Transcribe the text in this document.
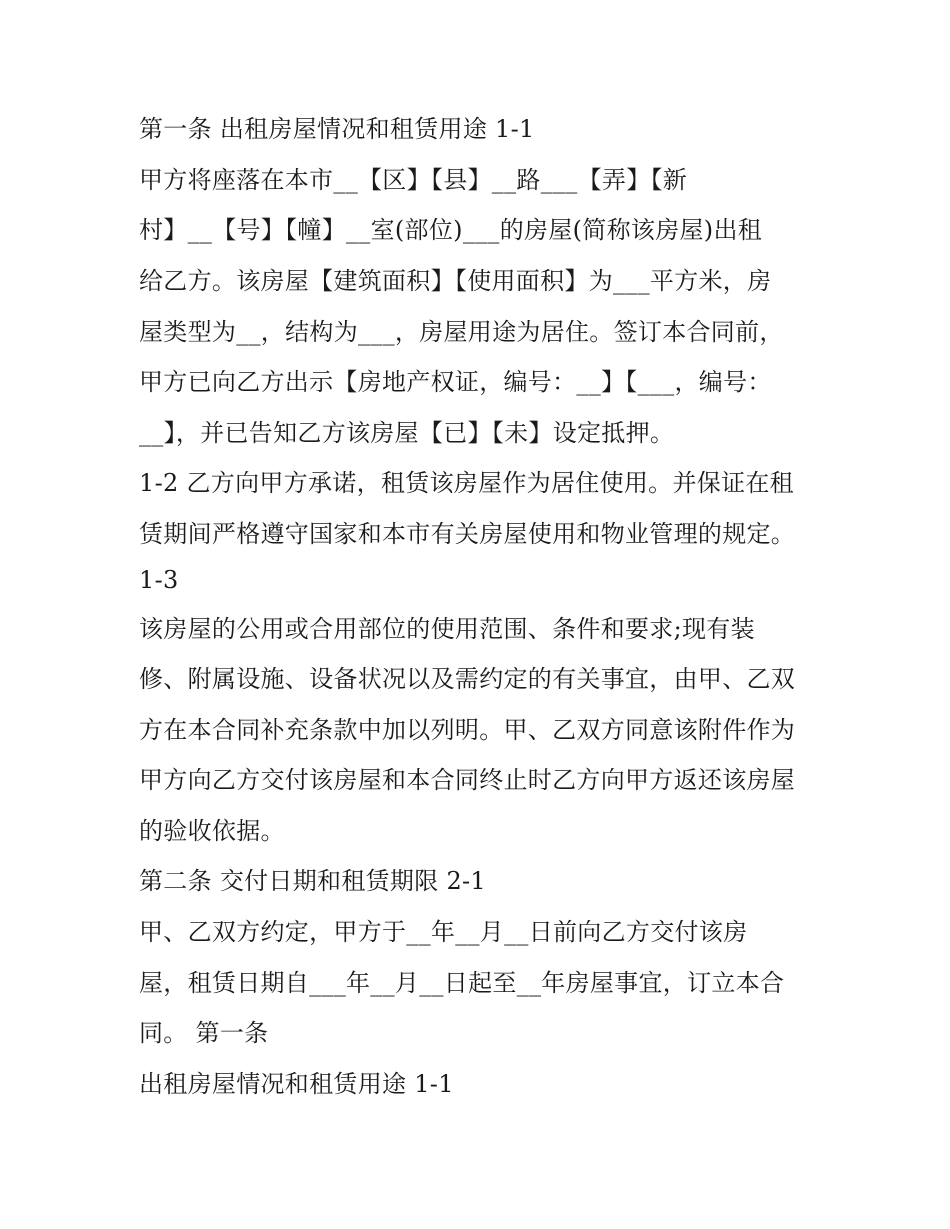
第一条 出租房屋情况和租赁用途 1-1
甲方将座落在本市__【区】【县】__路___【弄】【新
村】__【号】【幢】__室(部位)___的房屋(简称该房屋)出租
给乙方。该房屋【建筑面积】【使用面积】为___平方米，房
屋类型为__，结构为___，房屋用途为居住。签订本合同前，
甲方已向乙方出示【房地产权证，编号：__】【___，编号：
__】，并已告知乙方该房屋【已】【未】设定抵押。
1-2 乙方向甲方承诺，租赁该房屋作为居住使用。并保证在租
赁期间严格遵守国家和本市有关房屋使用和物业管理的规定。
1-3
该房屋的公用或合用部位的使用范围、条件和要求;现有装
修、附属设施、设备状况以及需约定的有关事宜，由甲、乙双
方在本合同补充条款中加以列明。甲、乙双方同意该附件作为
甲方向乙方交付该房屋和本合同终止时乙方向甲方返还该房屋
的验收依据。
第二条 交付日期和租赁期限 2-1
甲、乙双方约定，甲方于__年__月__日前向乙方交付该房
屋，租赁日期自___年__月__日起至__年房屋事宜，订立本合
同。 第一条
出租房屋情况和租赁用途 1-1
